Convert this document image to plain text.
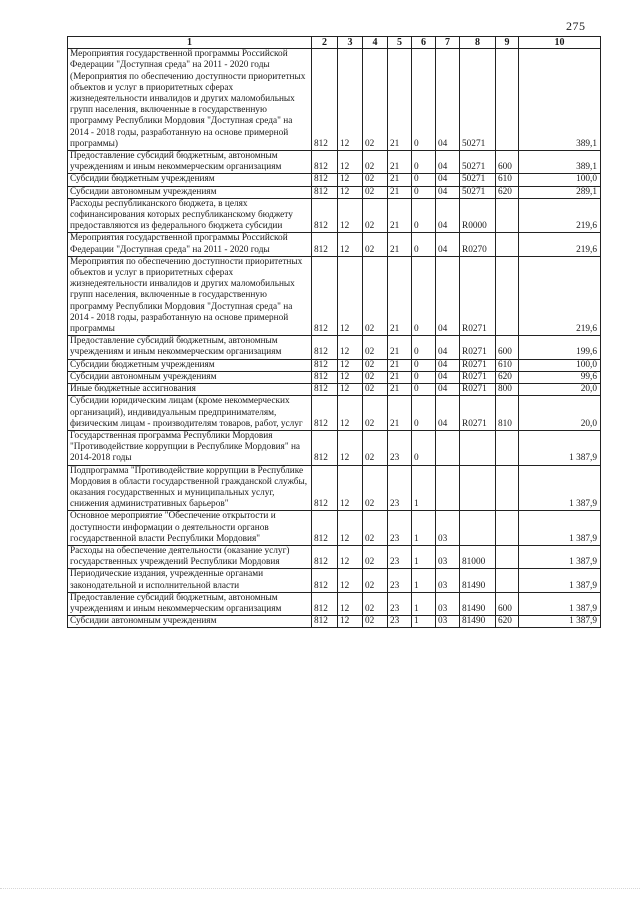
275
1	2	3	4	5	6	7	8	9	10
Мероприятия государственной программы Российской Федерации "Доступная среда" на 2011 - 2020 годы (Мероприятия по обеспечению доступности приоритетных объектов и услуг в приоритетных сферах жизнедеятельности инвалидов и других маломобильных групп населения, включенные в государственную программу Республики Мордовия "Доступная среда" на 2014 - 2018 годы, разработанную на основе примерной программы)	812	12	02	21	0	04	50271		389,1
Предоставление субсидий бюджетным, автономным учреждениям и иным некоммерческим организациям	812	12	02	21	0	04	50271	600	389,1
Субсидии бюджетным учреждениям	812	12	02	21	0	04	50271	610	100,0
Субсидии автономным учреждениям	812	12	02	21	0	04	50271	620	289,1
Расходы республиканского бюджета, в целях софинансирования которых республиканскому бюджету предоставляются из федерального бюджета субсидии	812	12	02	21	0	04	R0000		219,6
Мероприятия государственной программы Российской Федерации "Доступная среда" на 2011 - 2020 годы	812	12	02	21	0	04	R0270		219,6
Мероприятия по обеспечению доступности приоритетных объектов и услуг в приоритетных сферах жизнедеятельности инвалидов и других маломобильных групп населения, включенные в государственную программу Республики Мордовия "Доступная среда" на 2014 - 2018 годы, разработанную на основе примерной программы	812	12	02	21	0	04	R0271		219,6
Предоставление субсидий бюджетным, автономным учреждениям и иным некоммерческим организациям	812	12	02	21	0	04	R0271	600	199,6
Субсидии бюджетным учреждениям	812	12	02	21	0	04	R0271	610	100,0
Субсидии автономным учреждениям	812	12	02	21	0	04	R0271	620	99,6
Иные бюджетные ассигнования	812	12	02	21	0	04	R0271	800	20,0
Субсидии юридическим лицам (кроме некоммерческих организаций), индивидуальным предпринимателям, физическим лицам - производителям товаров, работ, услуг	812	12	02	21	0	04	R0271	810	20,0
Государственная программа Республики Мордовия "Противодействие коррупции в Республике Мордовия" на 2014-2018 годы	812	12	02	23	0				1 387,9
Подпрограмма "Противодействие коррупции в Республике Мордовия в области государственной гражданской службы, оказания государственных и муниципальных услуг, снижения административных барьеров"	812	12	02	23	1				1 387,9
Основное мероприятие "Обеспечение открытости и доступности информации о деятельности органов государственной власти Республики Мордовия"	812	12	02	23	1	03			1 387,9
Расходы на обеспечение деятельности (оказание услуг) государственных учреждений Республики Мордовия	812	12	02	23	1	03	81000		1 387,9
Периодические издания, учрежденные органами законодательной и исполнительной власти	812	12	02	23	1	03	81490		1 387,9
Предоставление субсидий бюджетным, автономным учреждениям и иным некоммерческим организациям	812	12	02	23	1	03	81490	600	1 387,9
Субсидии автономным учреждениям	812	12	02	23	1	03	81490	620	1 387,9
